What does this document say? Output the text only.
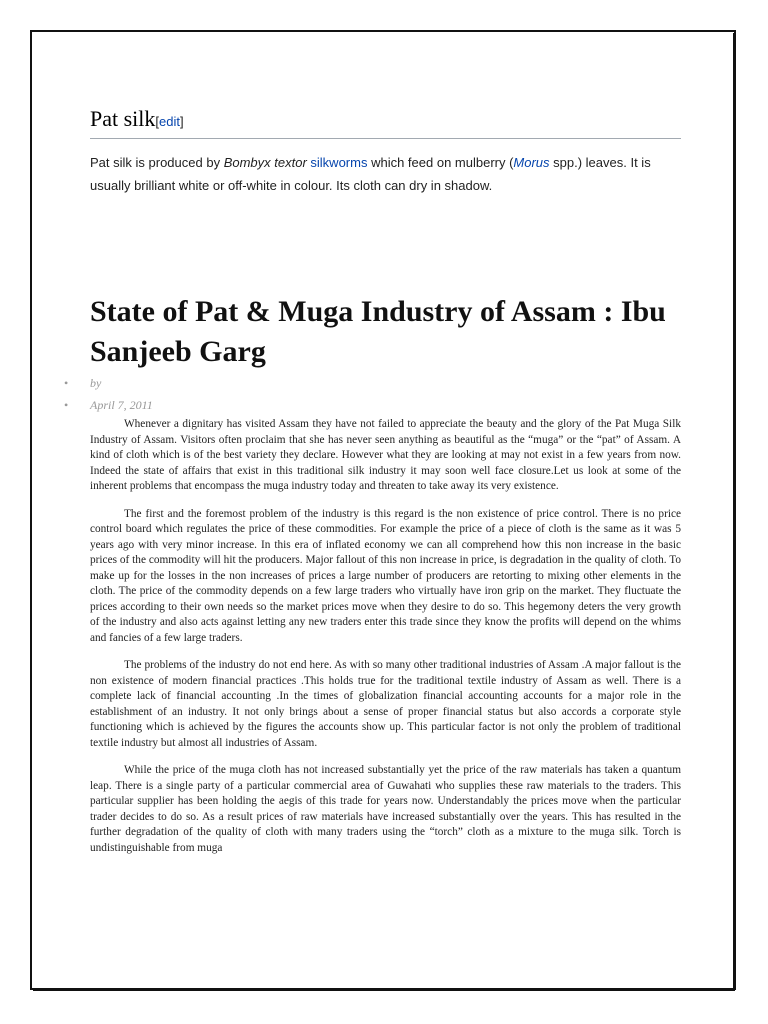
Pat silk[edit]

Pat silk is produced by Bombyx textor silkworms which feed on mulberry (Morus spp.) leaves. It is usually brilliant white or off-white in colour. Its cloth can dry in shadow.

State of Pat & Muga Industry of Assam : Ibu Sanjeeb Garg
• by
• April 7, 2011

Whenever a dignitary has visited Assam they have not failed to appreciate the beauty and the glory of the Pat Muga Silk Industry of Assam. Visitors often proclaim that she has never seen anything as beautiful as the “muga” or the “pat” of Assam. A kind of cloth which is of the best variety they declare. However what they are looking at may not exist in a few years from now. Indeed the state of affairs that exist in this traditional silk industry it may soon well face closure.Let us look at some of the inherent problems that encompass the muga industry today and threaten to take away its very existence.

The first and the foremost problem of the industry is this regard is the non existence of price control. There is no price control board which regulates the price of these commodities. For example the price of a piece of cloth is the same as it was 5 years ago with very minor increase. In this era of inflated economy we can all comprehend how this non increase in the basic prices of the commodity will hit the producers. Major fallout of this non increase in price, is degradation in the quality of cloth. To make up for the losses in the non increases of prices a large number of producers are retorting to mixing other elements in the cloth. The price of the commodity depends on a few large traders who virtually have iron grip on the market. They fluctuate the prices according to their own needs so the market prices move when they desire to do so. This hegemony deters the very growth of the industry and also acts against letting any new traders enter this trade since they know the profits will depend on the whims and fancies of a few large traders.

The problems of the industry do not end here. As with so many other traditional industries of Assam .A major fallout is the non existence of modern financial practices .This holds true for the traditional textile industry of Assam as well. There is a complete lack of financial accounting .In the times of globalization financial accounting accounts for a major role in the establishment of an industry. It not only brings about a sense of proper financial status but also accords a corporate style functioning which is achieved by the figures the accounts show up. This particular factor is not only the problem of traditional textile industry but almost all industries of Assam.

While the price of the muga cloth has not increased substantially yet the price of the raw materials has taken a quantum leap. There is a single party of a particular commercial area of Guwahati who supplies these raw materials to the traders. This particular supplier has been holding the aegis of this trade for years now. Understandably the prices move when the particular trader decides to do so. As a result prices of raw materials have increased substantially over the years. This has resulted in the further degradation of the quality of cloth with many traders using the “torch” cloth as a mixture to the muga silk. Torch is undistinguishable from muga
